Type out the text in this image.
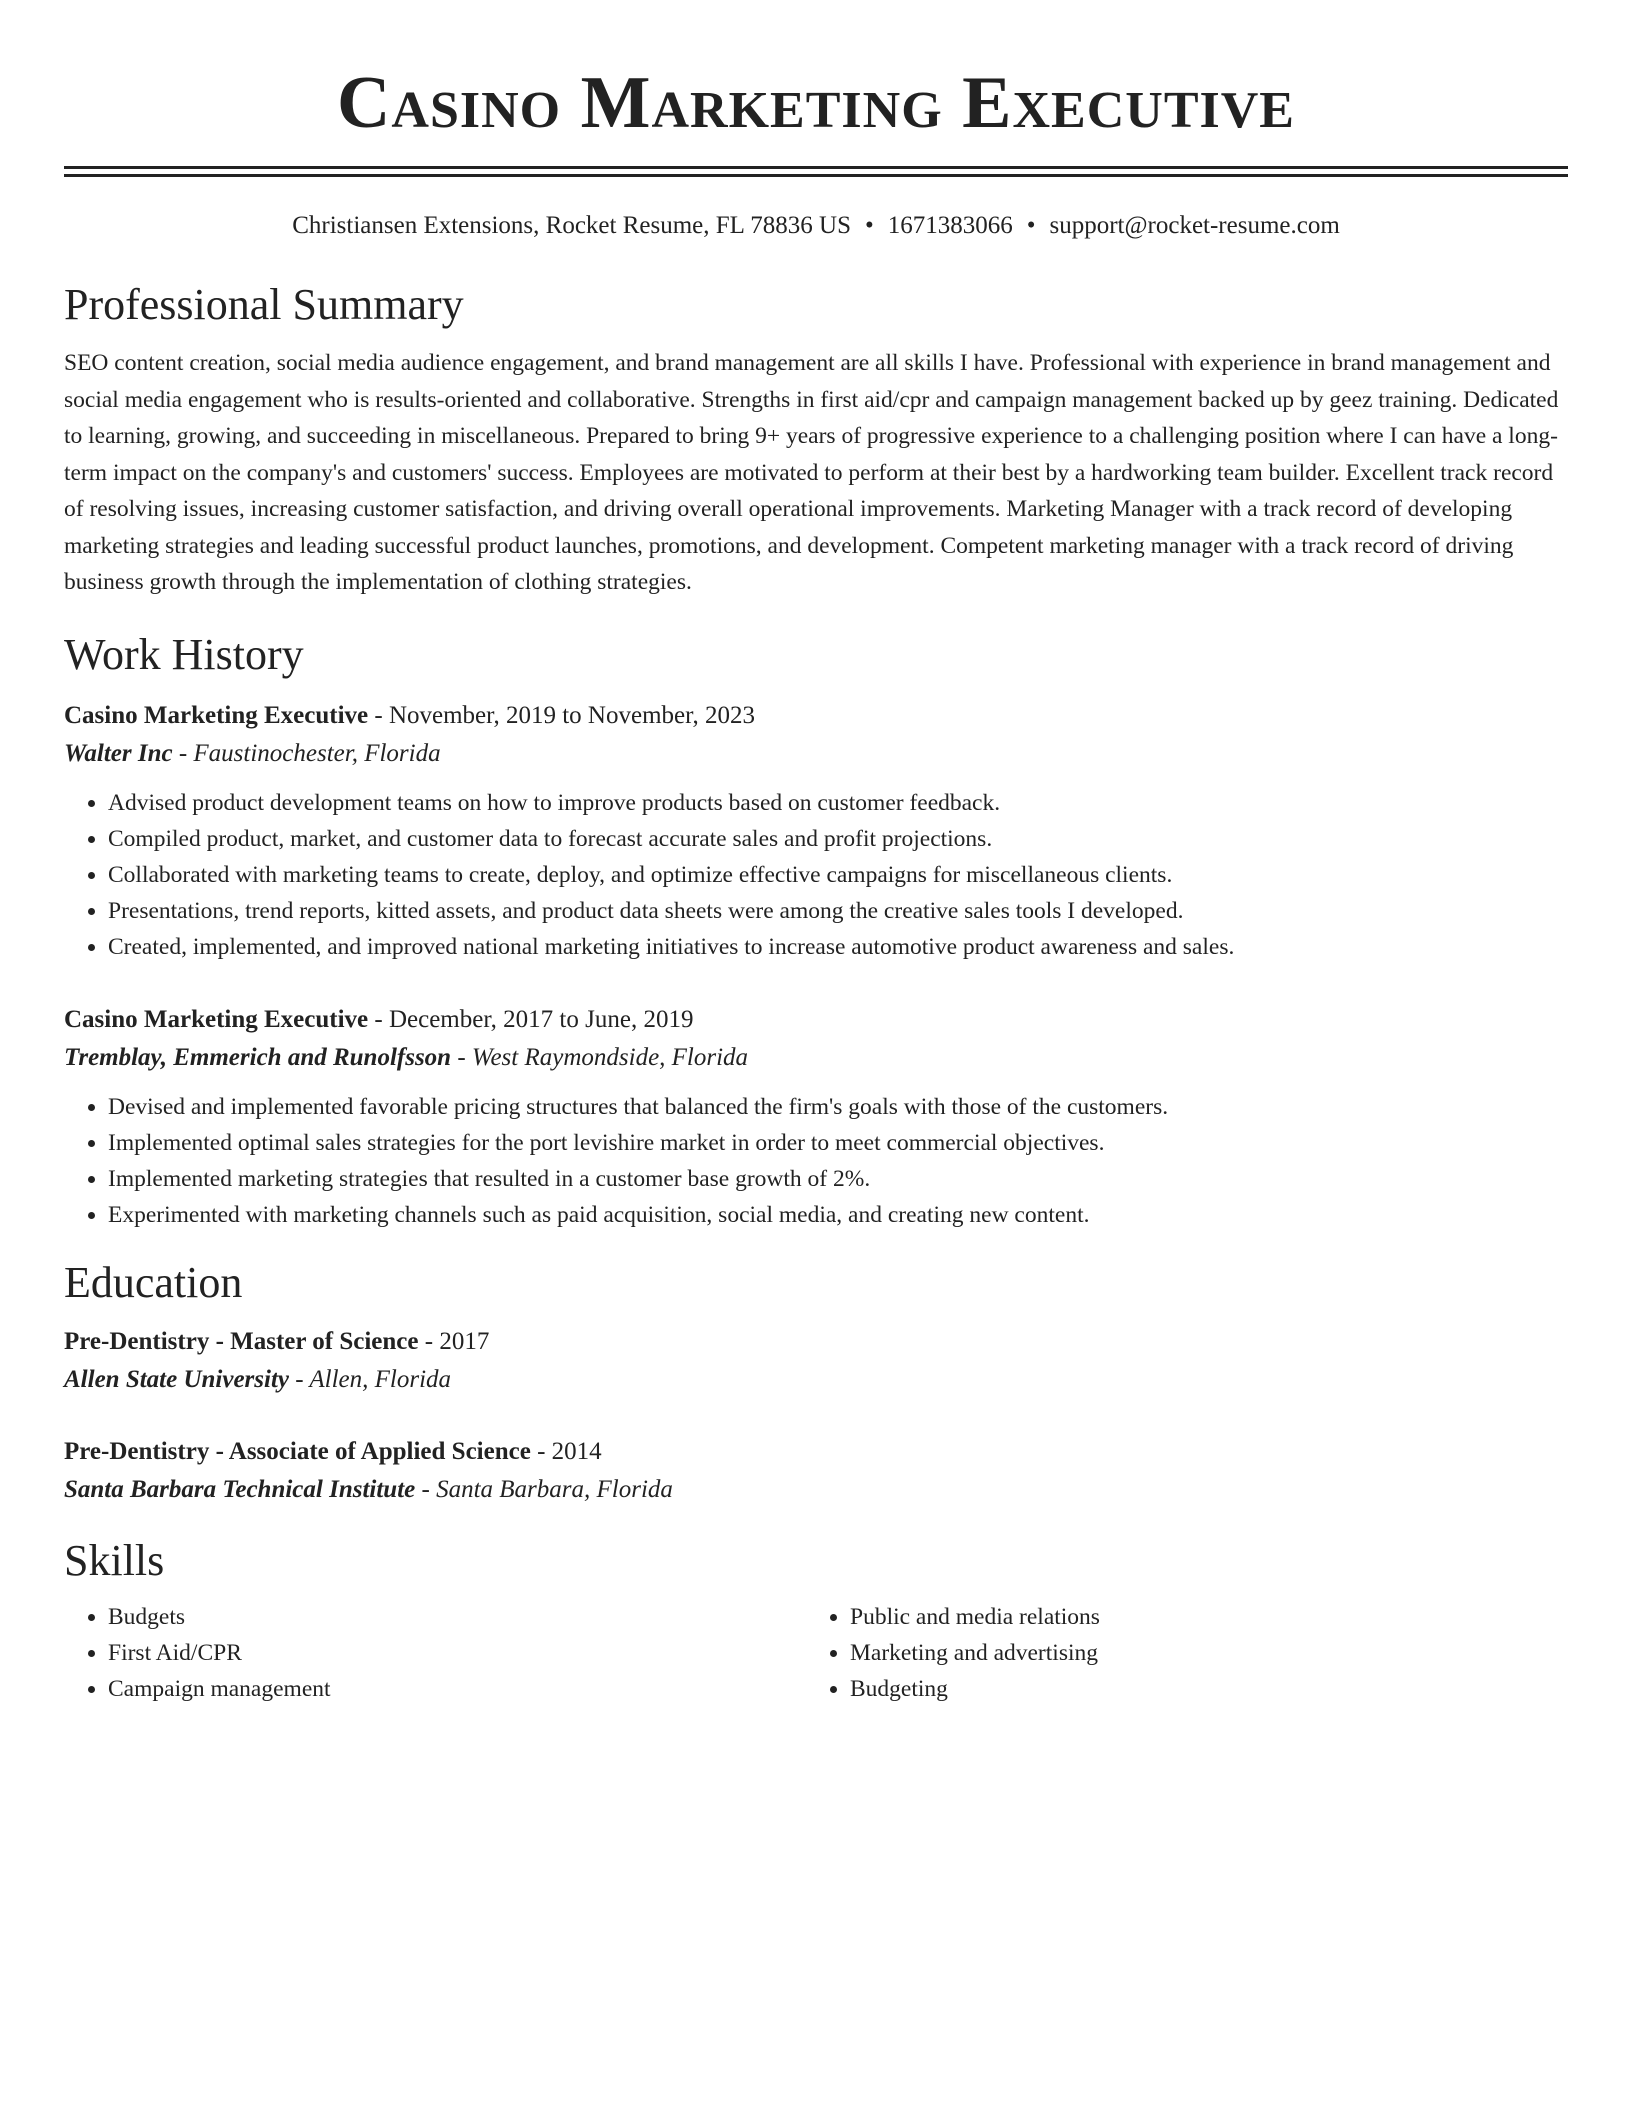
Casino Marketing Executive
Christiansen Extensions, Rocket Resume, FL 78836 US • 1671383066 • support@rocket-resume.com
Professional Summary
SEO content creation, social media audience engagement, and brand management are all skills I have. Professional with experience in brand management and social media engagement who is results-oriented and collaborative. Strengths in first aid/cpr and campaign management backed up by geez training. Dedicated to learning, growing, and succeeding in miscellaneous. Prepared to bring 9+ years of progressive experience to a challenging position where I can have a long-term impact on the company's and customers' success. Employees are motivated to perform at their best by a hardworking team builder. Excellent track record of resolving issues, increasing customer satisfaction, and driving overall operational improvements. Marketing Manager with a track record of developing marketing strategies and leading successful product launches, promotions, and development. Competent marketing manager with a track record of driving business growth through the implementation of clothing strategies.
Work History
Casino Marketing Executive - November, 2019 to November, 2023
Walter Inc - Faustinochester, Florida
• Advised product development teams on how to improve products based on customer feedback.
• Compiled product, market, and customer data to forecast accurate sales and profit projections.
• Collaborated with marketing teams to create, deploy, and optimize effective campaigns for miscellaneous clients.
• Presentations, trend reports, kitted assets, and product data sheets were among the creative sales tools I developed.
• Created, implemented, and improved national marketing initiatives to increase automotive product awareness and sales.
Casino Marketing Executive - December, 2017 to June, 2019
Tremblay, Emmerich and Runolfsson - West Raymondside, Florida
• Devised and implemented favorable pricing structures that balanced the firm's goals with those of the customers.
• Implemented optimal sales strategies for the port levishire market in order to meet commercial objectives.
• Implemented marketing strategies that resulted in a customer base growth of 2%.
• Experimented with marketing channels such as paid acquisition, social media, and creating new content.
Education
Pre-Dentistry - Master of Science - 2017
Allen State University - Allen, Florida
Pre-Dentistry - Associate of Applied Science - 2014
Santa Barbara Technical Institute - Santa Barbara, Florida
Skills
• Budgets
• First Aid/CPR
• Campaign management
• Public and media relations
• Marketing and advertising
• Budgeting
